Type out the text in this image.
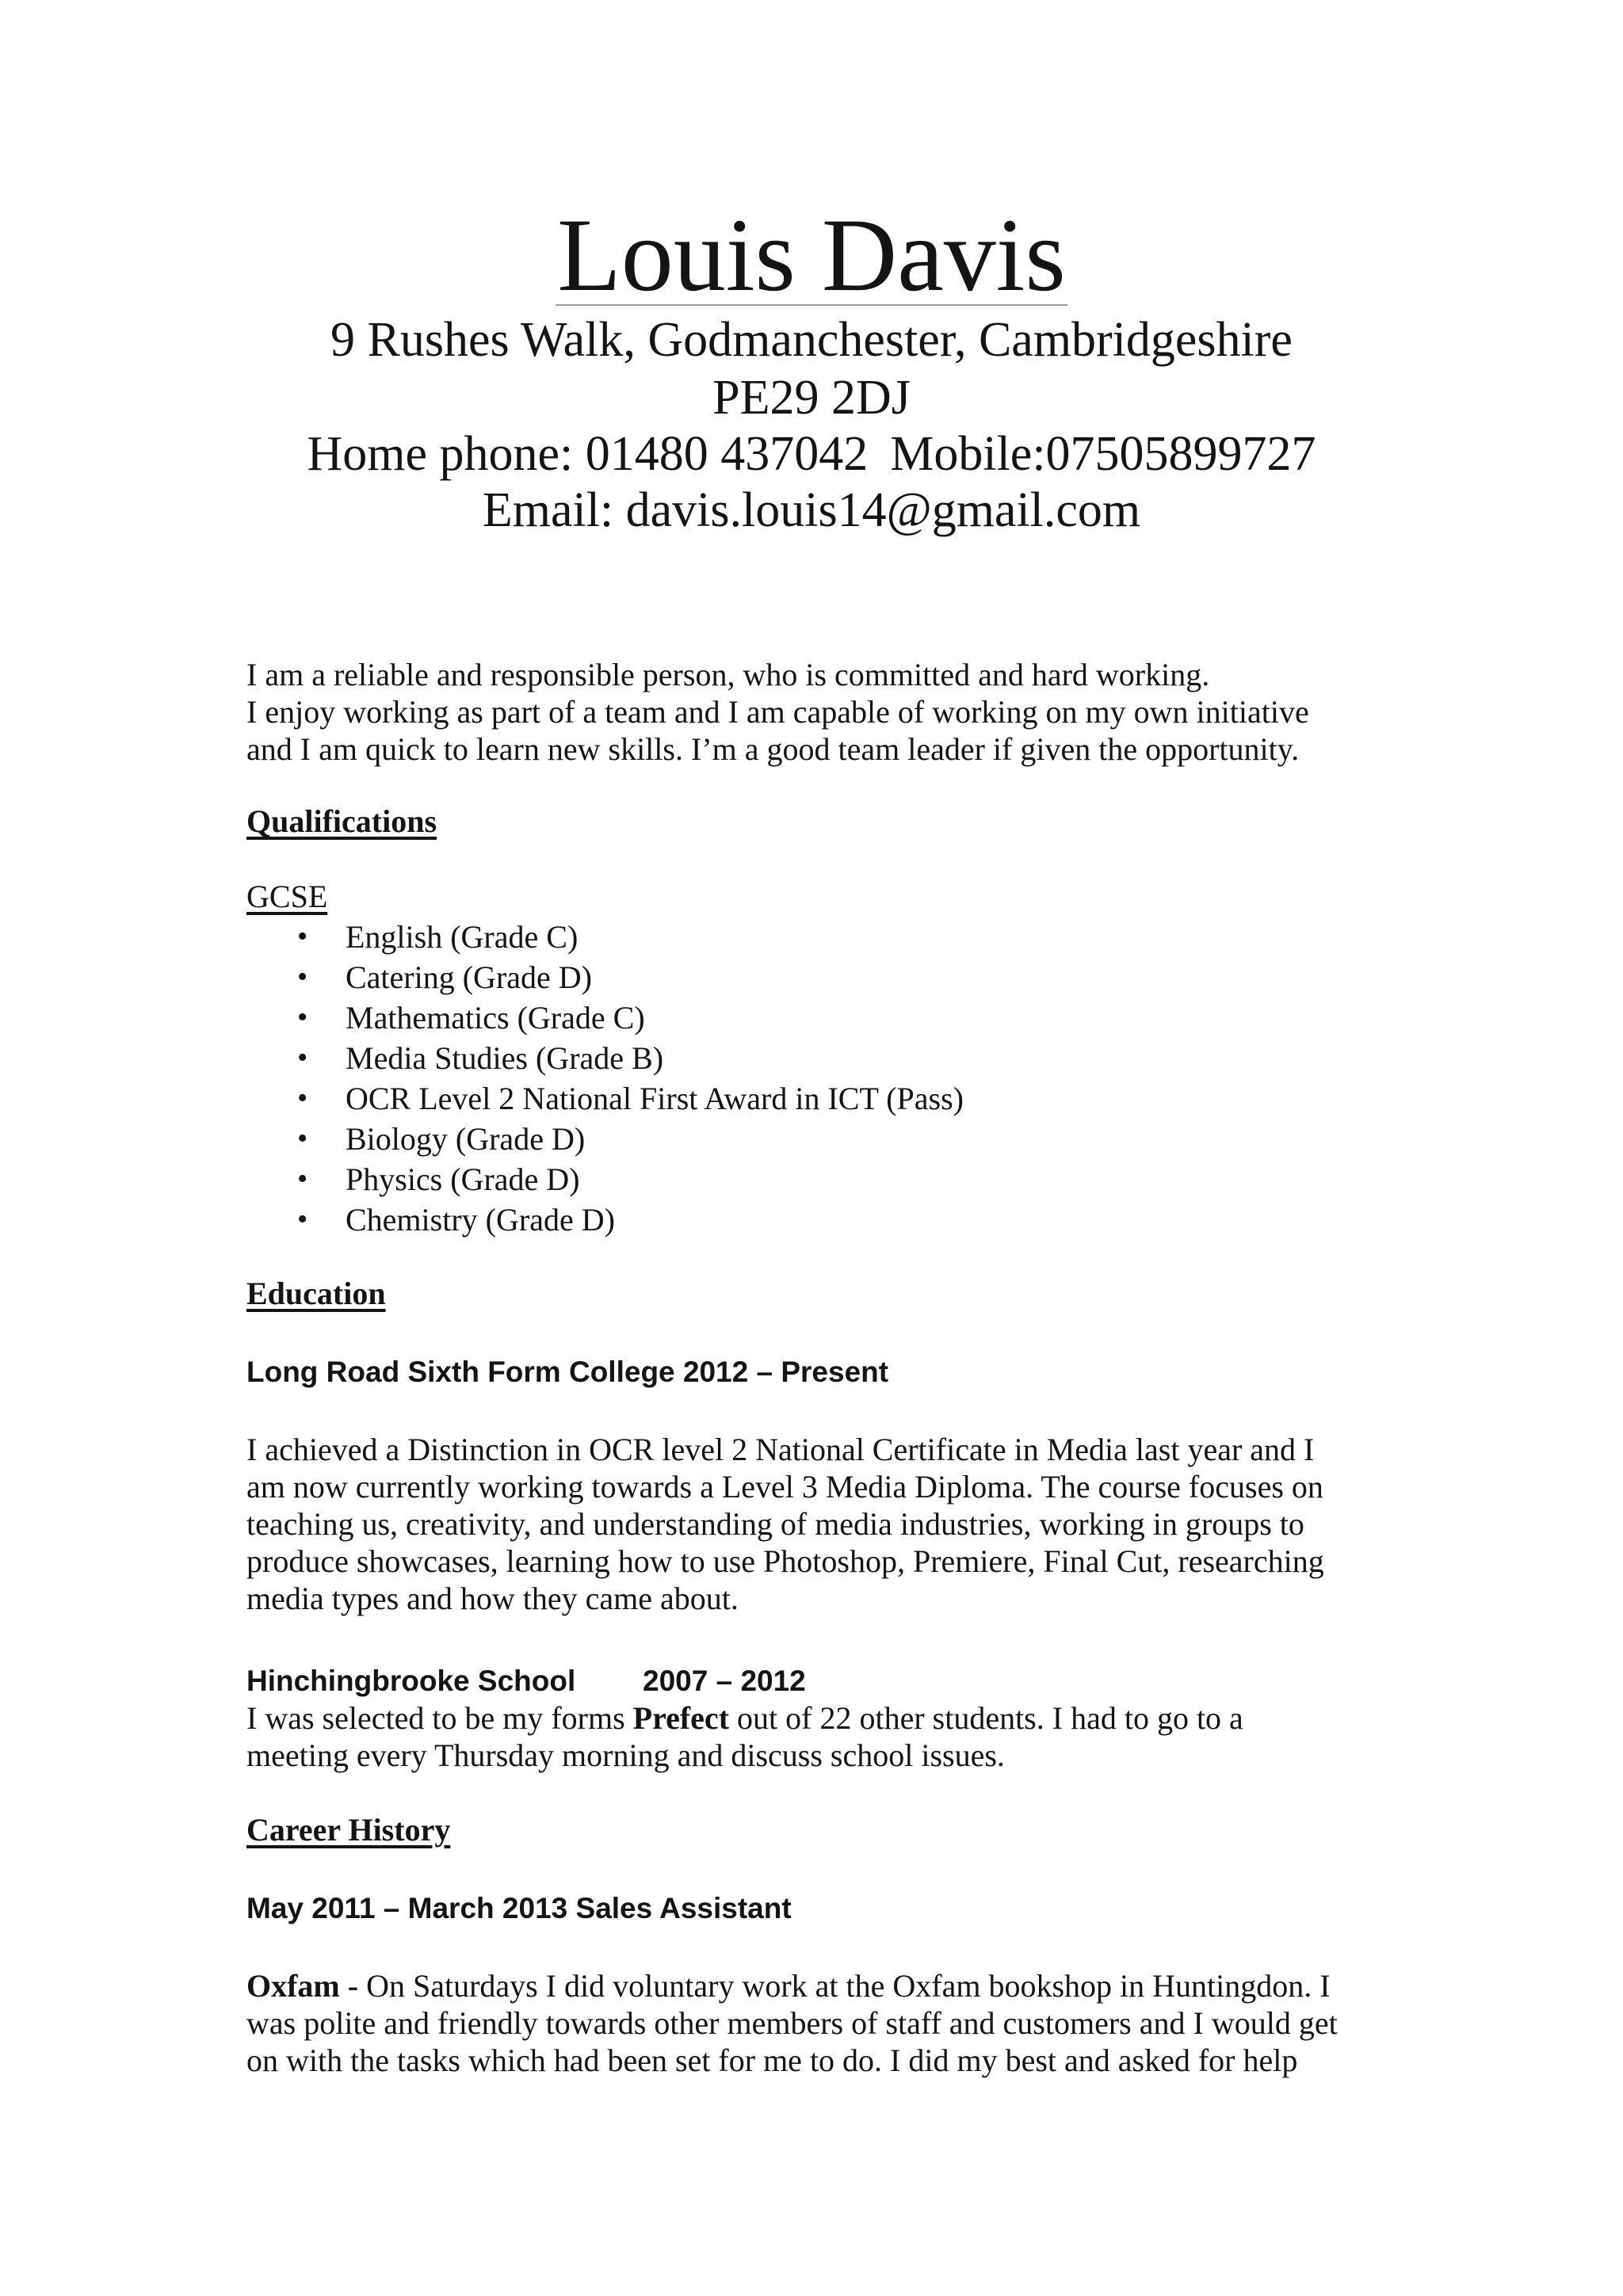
Louis Davis
9 Rushes Walk, Godmanchester, Cambridgeshire
PE29 2DJ
Home phone: 01480 437042 Mobile:07505899727
Email: davis.louis14@gmail.com
I am a reliable and responsible person, who is committed and hard working.
I enjoy working as part of a team and I am capable of working on my own initiative
and I am quick to learn new skills. I’m a good team leader if given the opportunity.
Qualifications
GCSE
• English (Grade C)
• Catering (Grade D)
• Mathematics (Grade C)
• Media Studies (Grade B)
• OCR Level 2 National First Award in ICT (Pass)
• Biology (Grade D)
• Physics (Grade D)
• Chemistry (Grade D)
Education
Long Road Sixth Form College 2012 – Present
I achieved a Distinction in OCR level 2 National Certificate in Media last year and I
am now currently working towards a Level 3 Media Diploma. The course focuses on
teaching us, creativity, and understanding of media industries, working in groups to
produce showcases, learning how to use Photoshop, Premiere, Final Cut, researching
media types and how they came about.
Hinchingbrooke School 2007 – 2012
I was selected to be my forms Prefect out of 22 other students. I had to go to a
meeting every Thursday morning and discuss school issues.
Career History
May 2011 – March 2013 Sales Assistant
Oxfam - On Saturdays I did voluntary work at the Oxfam bookshop in Huntingdon. I
was polite and friendly towards other members of staff and customers and I would get
on with the tasks which had been set for me to do. I did my best and asked for help
